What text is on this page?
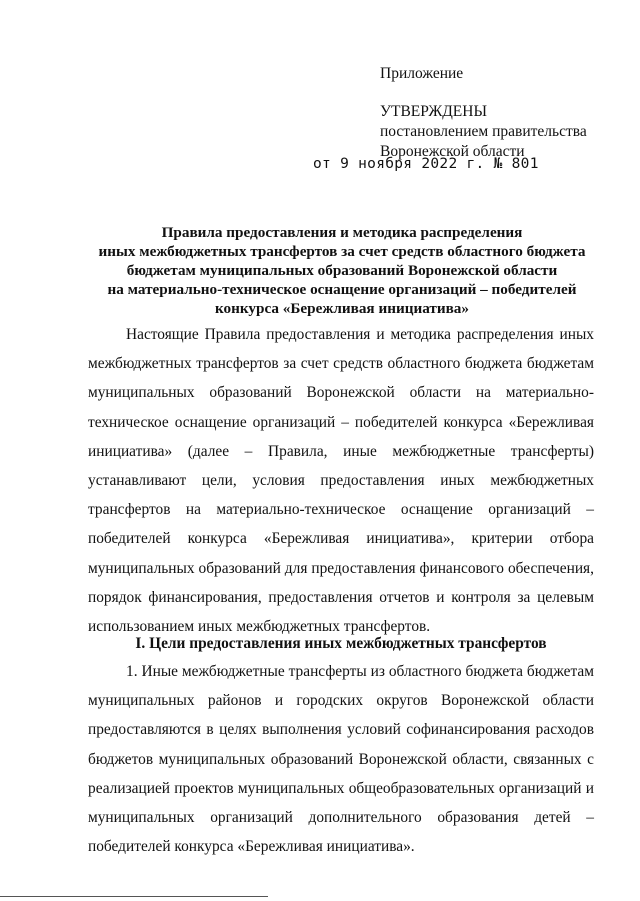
Приложение
УТВЕРЖДЕНЫ
постановлением правительства
Воронежской области
от 9 ноября 2022 г. № 801
Правила предоставления и методика распределения
иных межбюджетных трансфертов за счет средств областного бюджета
бюджетам муниципальных образований Воронежской области
на материально-техническое оснащение организаций – победителей
конкурса «Бережливая инициатива»

Настоящие Правила предоставления и методика распределения иных межбюджетных трансфертов за счет средств областного бюджета бюджетам муниципальных образований Воронежской области на материально-техническое оснащение организаций – победителей конкурса «Бережливая инициатива» (далее – Правила, иные межбюджетные трансферты) устанавливают цели, условия предоставления иных межбюджетных трансфертов на материально-техническое оснащение организаций – победителей конкурса «Бережливая инициатива», критерии отбора муниципальных образований для предоставления финансового обеспечения, порядок финансирования, предоставления отчетов и контроля за целевым использованием иных межбюджетных трансфертов.

I. Цели предоставления иных межбюджетных трансфертов

1. Иные межбюджетные трансферты из областного бюджета бюджетам муниципальных районов и городских округов Воронежской области предоставляются в целях выполнения условий софинансирования расходов бюджетов муниципальных образований Воронежской области, связанных с реализацией проектов муниципальных общеобразовательных организаций и муниципальных организаций дополнительного образования детей – победителей конкурса «Бережливая инициатива».
